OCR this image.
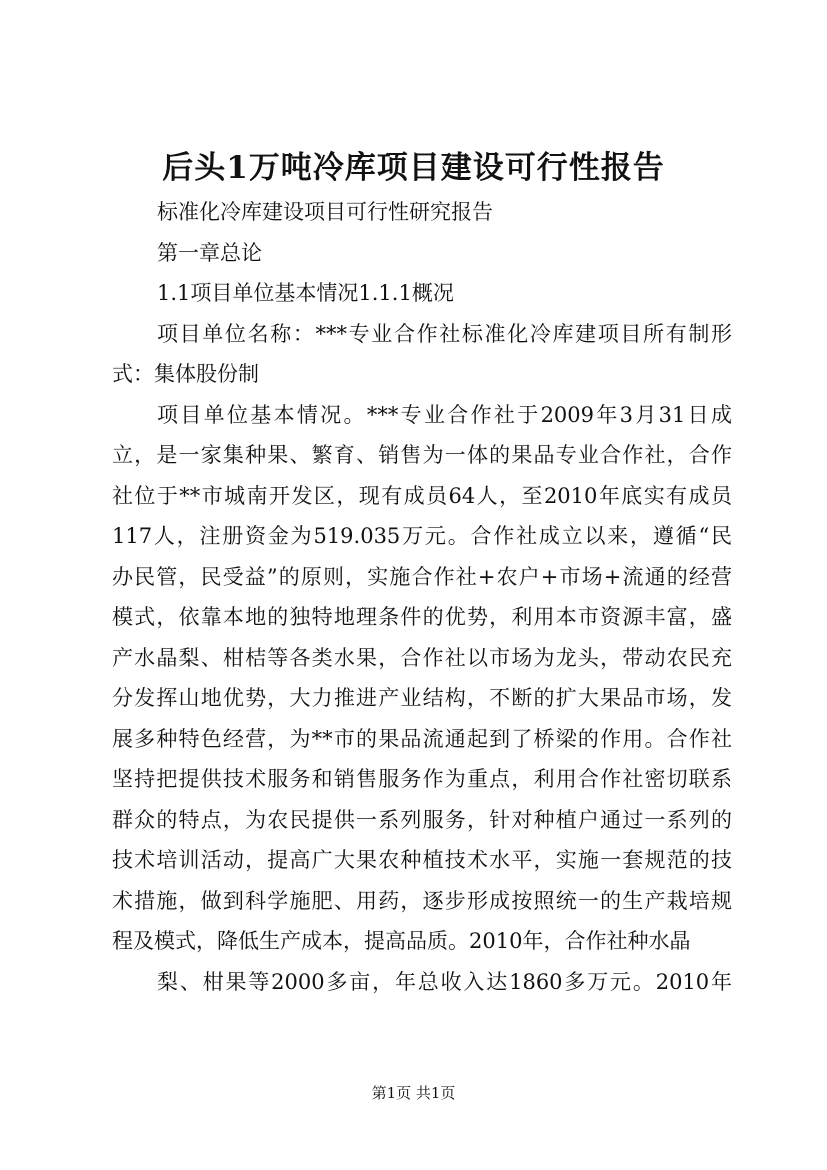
后头1万吨冷库项目建设可行性报告
标准化冷库建设项目可行性研究报告
第一章总论
1.1项目单位基本情况1.1.1概况
项目单位名称：***专业合作社标准化冷库建项目所有制形
式：集体股份制
项目单位基本情况。***专业合作社于2009年3月31日成
立，是一家集种果、繁育、销售为一体的果品专业合作社，合作
社位于**市城南开发区，现有成员64人，至2010年底实有成员
117人，注册资金为519.035万元。合作社成立以来，遵循“民
办民管，民受益”的原则，实施合作社+农户+市场+流通的经营
模式，依靠本地的独特地理条件的优势，利用本市资源丰富，盛
产水晶梨、柑桔等各类水果，合作社以市场为龙头，带动农民充
分发挥山地优势，大力推进产业结构，不断的扩大果品市场，发
展多种特色经营，为**市的果品流通起到了桥梁的作用。合作社
坚持把提供技术服务和销售服务作为重点，利用合作社密切联系
群众的特点，为农民提供一系列服务，针对种植户通过一系列的
技术培训活动，提高广大果农种植技术水平，实施一套规范的技
术措施，做到科学施肥、用药，逐步形成按照统一的生产栽培规
程及模式，降低生产成本，提高品质。2010年，合作社种水晶
梨、柑果等2000多亩，年总收入达1860多万元。2010年
第1页 共1页
